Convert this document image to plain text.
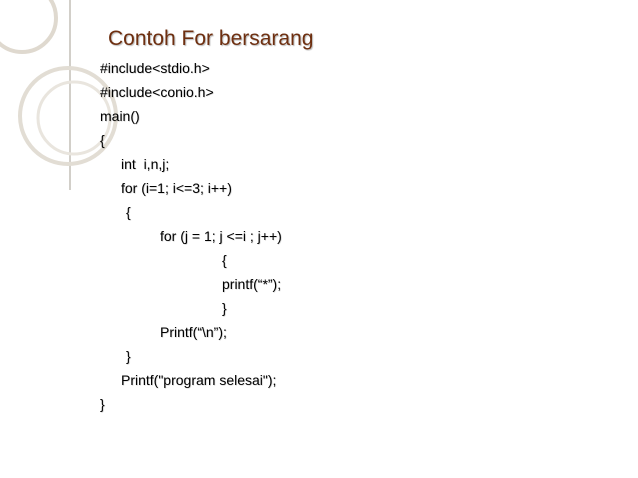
Contoh For bersarang
#include<stdio.h>
#include<conio.h>
main()
{
int  i,n,j;
for (i=1; i<=3; i++)
{
for (j = 1; j <=i ; j++)
{
printf(“*”);
}
Printf(“\n”);
}
Printf("program selesai");
}
